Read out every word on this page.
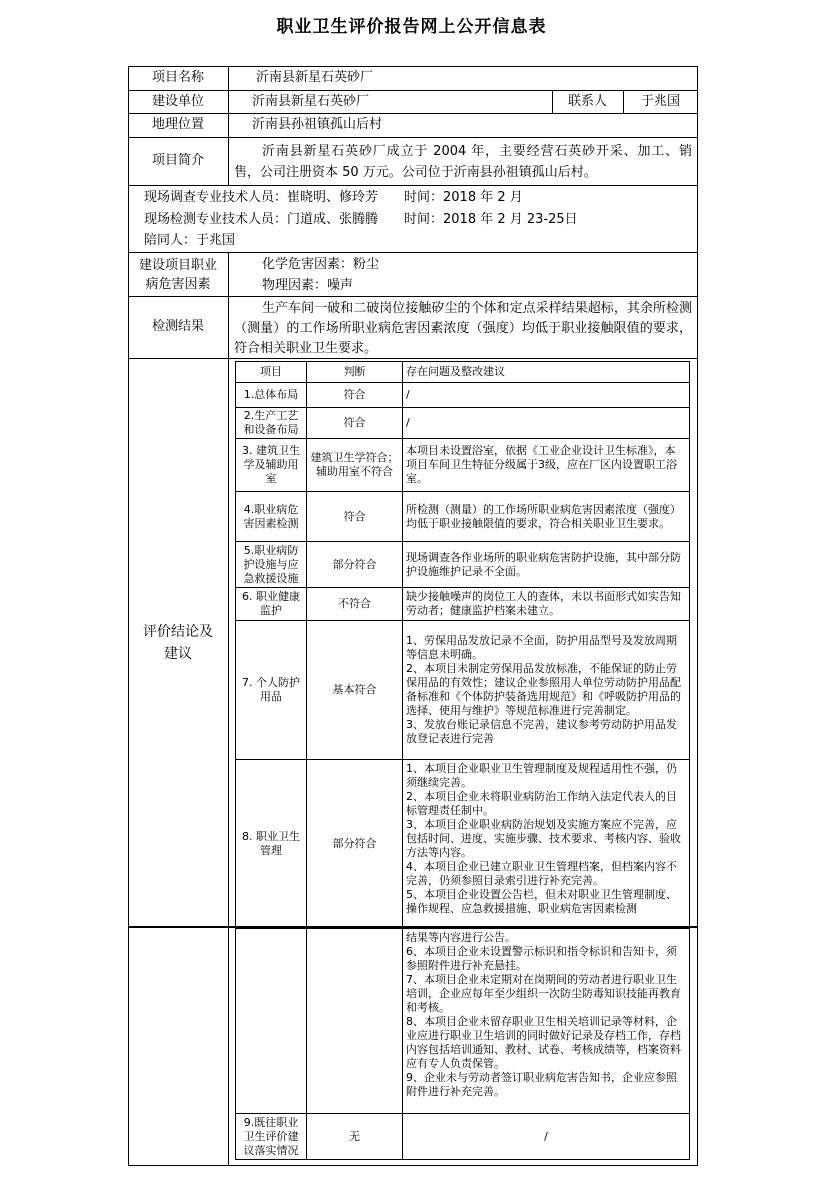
职业卫生评价报告网上公开信息表
项目名称	沂南县新星石英砂厂
建设单位	沂南县新星石英砂厂	联系人	于兆国
地理位置	沂南县孙祖镇孤山后村
项目简介
沂南县新星石英砂厂成立于 2004 年，主要经营石英砂开采、加工、销售，公司注册资本 50 万元。公司位于沂南县孙祖镇孤山后村。
现场调查专业技术人员：崔晓明、修玲芳　　时间：2018 年 2 月
现场检测专业技术人员：门道成、张腾腾　　时间：2018 年 2 月 23-25日
陪同人：于兆国
建设项目职业病危害因素
化学危害因素：粉尘
物理因素：噪声
检测结果
生产车间一破和二破岗位接触矽尘的个体和定点采样结果超标，其余所检测（测量）的工作场所职业病危害因素浓度（强度）均低于职业接触限值的要求，符合相关职业卫生要求。
评价结论及建议
项目	判断	存在问题及整改建议
1.总体布局	符合	/
2.生产工艺和设备布局	符合	/
3. 建筑卫生学及辅助用室	建筑卫生学符合；辅助用室不符合	本项目未设置浴室，依据《工业企业设计卫生标准》，本项目车间卫生特征分级属于3级，应在厂区内设置职工浴室。
4.职业病危害因素检测	符合	所检测（测量）的工作场所职业病危害因素浓度（强度）均低于职业接触限值的要求，符合相关职业卫生要求。
5.职业病防护设施与应急救援设施	部分符合	现场调查各作业场所的职业病危害防护设施，其中部分防护设施维护记录不全面。
6. 职业健康监护	不符合	缺少接触噪声的岗位工人的查体，未以书面形式如实告知劳动者；健康监护档案未建立。
7. 个人防护用品	基本符合	1、劳保用品发放记录不全面，防护用品型号及发放周期等信息未明确。
2、本项目未制定劳保用品发放标准，不能保证的防止劳保用品的有效性；建议企业参照用人单位劳动防护用品配备标准和《个体防护装备选用规范》和《呼吸防护用品的选择、使用与维护》等规范标准进行完善制定。
3、发放台账记录信息不完善，建议参考劳动防护用品发放登记表进行完善

8. 职业卫生管理	部分符合	1、本项目企业职业卫生管理制度及规程适用性不强，仍须继续完善。
2、本项目企业未将职业病防治工作纳入法定代表人的目标管理责任制中。
3、本项目企业职业病防治规划及实施方案应不完善，应包括时间、进度、实施步骤、技术要求、考核内容、验收方法等内容。
4、本项目企业已建立职业卫生管理档案，但档案内容不完善，仍须参照目录索引进行补充完善。
5、本项目企业设置公告栏，但未对职业卫生管理制度、操作规程、应急救援措施、职业病危害因素检测

		结果等内容进行公告。
6、本项目企业未设置警示标识和指令标识和告知卡，须参照附件进行补充悬挂。
7、本项目企业未定期对在岗期间的劳动者进行职业卫生培训，企业应每年至少组织一次防尘防毒知识技能再教育和考核。
8、本项目企业未留存职业卫生相关培训记录等材料，企业应进行职业卫生培训的同时做好记录及存档工作，存档内容包括培训通知、教材、试卷、考核成绩等，档案资料应有专人负责保管。
9、企业未与劳动者签订职业病危害告知书，企业应参照附件进行补充完善。

9.既往职业卫生评价建议落实情况	无	/
